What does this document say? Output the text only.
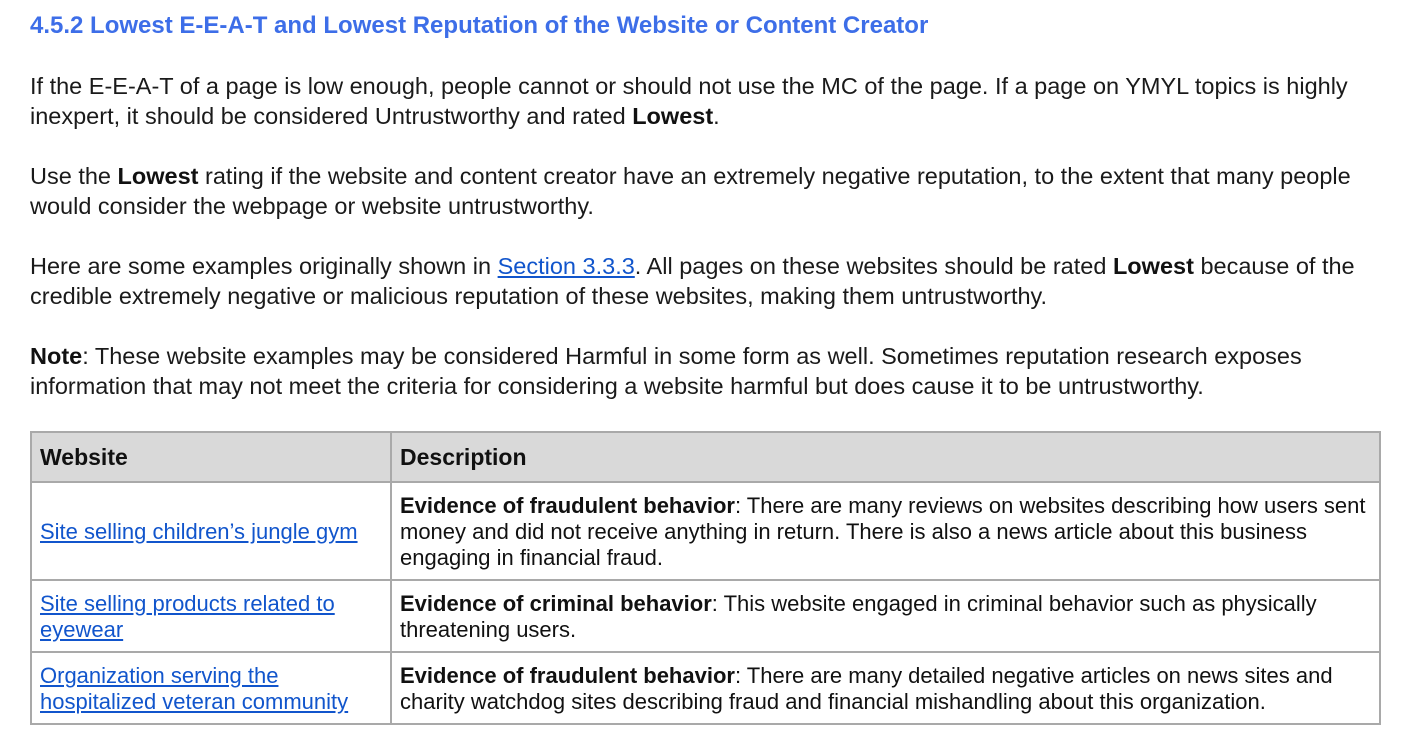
4.5.2 Lowest E-E-A-T and Lowest Reputation of the Website or Content Creator

If the E-E-A-T of a page is low enough, people cannot or should not use the MC of the page. If a page on YMYL topics is highly inexpert, it should be considered Untrustworthy and rated Lowest.

Use the Lowest rating if the website and content creator have an extremely negative reputation, to the extent that many people would consider the webpage or website untrustworthy.

Here are some examples originally shown in Section 3.3.3. All pages on these websites should be rated Lowest because of the credible extremely negative or malicious reputation of these websites, making them untrustworthy.

Note: These website examples may be considered Harmful in some form as well. Sometimes reputation research exposes information that may not meet the criteria for considering a website harmful but does cause it to be untrustworthy.

Website	Description
Site selling children’s jungle gym	Evidence of fraudulent behavior: There are many reviews on websites describing how users sent money and did not receive anything in return. There is also a news article about this business engaging in financial fraud.
Site selling products related to eyewear	Evidence of criminal behavior: This website engaged in criminal behavior such as physically threatening users.
Organization serving the hospitalized veteran community	Evidence of fraudulent behavior: There are many detailed negative articles on news sites and charity watchdog sites describing fraud and financial mishandling about this organization.
